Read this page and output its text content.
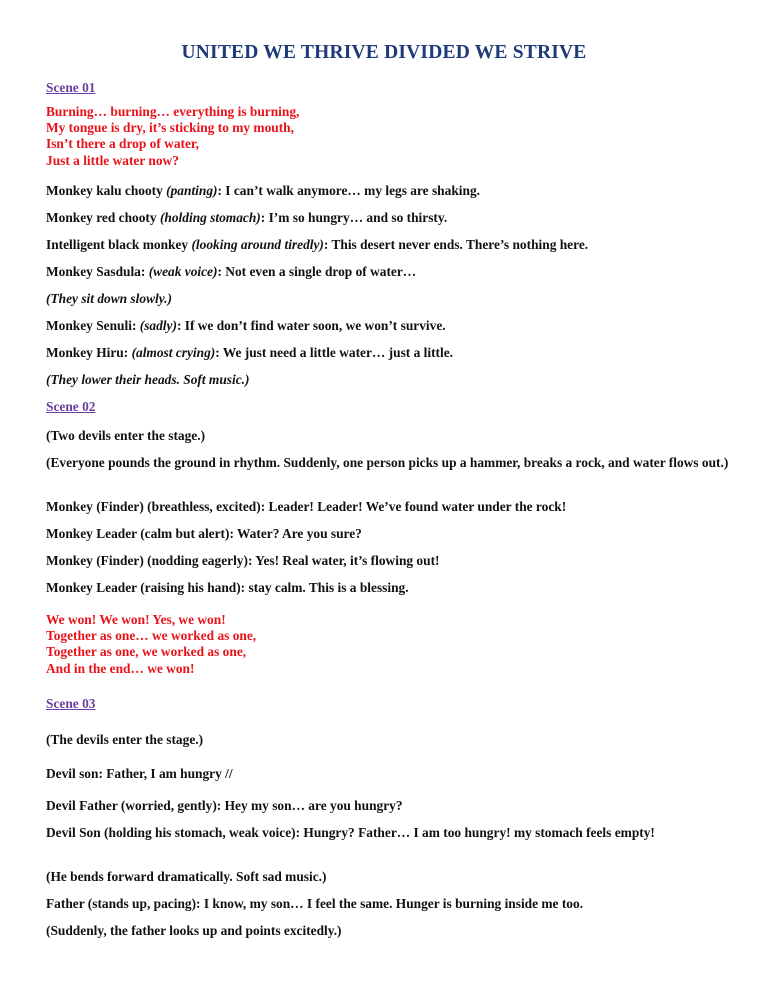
UNITED WE THRIVE DIVIDED WE STRIVE
Scene 01
Burning… burning… everything is burning,
My tongue is dry, it’s sticking to my mouth,
Isn’t there a drop of water,
Just a little water now?
Monkey kalu chooty (panting): I can’t walk anymore… my legs are shaking.
Monkey red chooty (holding stomach): I’m so hungry… and so thirsty.
Intelligent black monkey (looking around tiredly): This desert never ends. There’s nothing here.
Monkey Sasdula: (weak voice): Not even a single drop of water…
(They sit down slowly.)
Monkey Senuli: (sadly): If we don’t find water soon, we won’t survive.
Monkey Hiru: (almost crying): We just need a little water… just a little.
(They lower their heads. Soft music.)
Scene 02
(Two devils enter the stage.)
(Everyone pounds the ground in rhythm. Suddenly, one person picks up a hammer, breaks a rock, and water flows out.)
Monkey (Finder) (breathless, excited): Leader! Leader! We’ve found water under the rock!
Monkey Leader (calm but alert): Water? Are you sure?
Monkey (Finder) (nodding eagerly): Yes! Real water, it’s flowing out!
Monkey Leader (raising his hand): stay calm. This is a blessing.
We won! We won! Yes, we won!
Together as one… we worked as one,
Together as one, we worked as one,
And in the end… we won!
Scene 03
(The devils enter the stage.)
Devil son: Father, I am hungry //
Devil Father (worried, gently): Hey my son… are you hungry?
Devil Son (holding his stomach, weak voice): Hungry? Father… I am too hungry! my stomach feels empty!
(He bends forward dramatically. Soft sad music.)
Father (stands up, pacing): I know, my son… I feel the same. Hunger is burning inside me too.
(Suddenly, the father looks up and points excitedly.)
